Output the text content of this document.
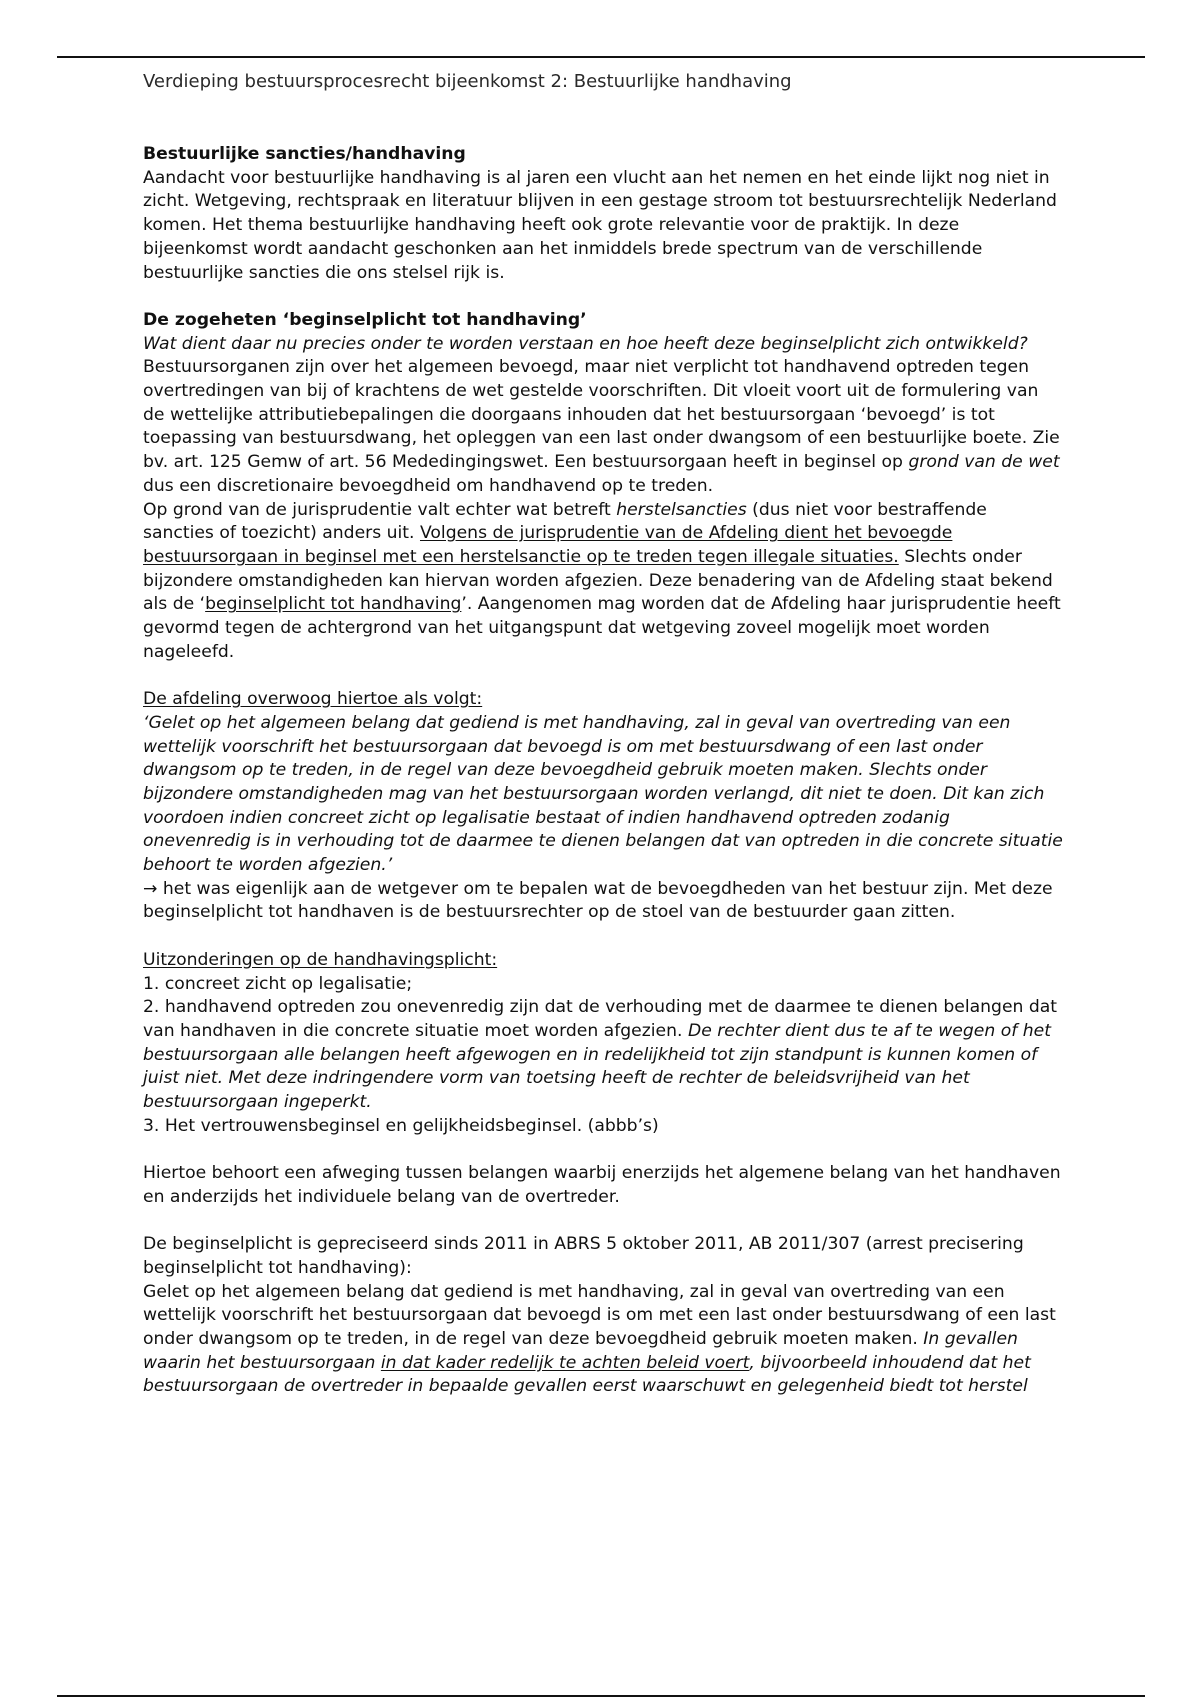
Verdieping bestuursprocesrecht bijeenkomst 2: Bestuurlijke handhaving

Bestuurlijke sancties/handhaving

Aandacht voor bestuurlijke handhaving is al jaren een vlucht aan het nemen en het einde lijkt nog niet in zicht. Wetgeving, rechtspraak en literatuur blijven in een gestage stroom tot bestuursrechtelijk Nederland komen. Het thema bestuurlijke handhaving heeft ook grote relevantie voor de praktijk. In deze bijeenkomst wordt aandacht geschonken aan het inmiddels brede spectrum van de verschillende bestuurlijke sancties die ons stelsel rijk is.

De zogeheten ‘beginselplicht tot handhaving’

Wat dient daar nu precies onder te worden verstaan en hoe heeft deze beginselplicht zich ontwikkeld?

Bestuursorganen zijn over het algemeen bevoegd, maar niet verplicht tot handhavend optreden tegen overtredingen van bij of krachtens de wet gestelde voorschriften. Dit vloeit voort uit de formulering van de wettelijke attributiebepalingen die doorgaans inhouden dat het bestuursorgaan ‘bevoegd’ is tot toepassing van bestuursdwang, het opleggen van een last onder dwangsom of een bestuurlijke boete. Zie bv. art. 125 Gemw of art. 56 Mededingingswet. Een bestuursorgaan heeft in beginsel op grond van de wet dus een discretionaire bevoegdheid om handhavend op te treden.

Op grond van de jurisprudentie valt echter wat betreft herstelsancties (dus niet voor bestraffende sancties of toezicht) anders uit. Volgens de jurisprudentie van de Afdeling dient het bevoegde bestuursorgaan in beginsel met een herstelsanctie op te treden tegen illegale situaties. Slechts onder bijzondere omstandigheden kan hiervan worden afgezien. Deze benadering van de Afdeling staat bekend als de ‘beginselplicht tot handhaving’. Aangenomen mag worden dat de Afdeling haar jurisprudentie heeft gevormd tegen de achtergrond van het uitgangspunt dat wetgeving zoveel mogelijk moet worden nageleefd.

De afdeling overwoog hiertoe als volgt:

‘Gelet op het algemeen belang dat gediend is met handhaving, zal in geval van overtreding van een wettelijk voorschrift het bestuursorgaan dat bevoegd is om met bestuursdwang of een last onder dwangsom op te treden, in de regel van deze bevoegdheid gebruik moeten maken. Slechts onder bijzondere omstandigheden mag van het bestuursorgaan worden verlangd, dit niet te doen. Dit kan zich voordoen indien concreet zicht op legalisatie bestaat of indien handhavend optreden zodanig onevenredig is in verhouding tot de daarmee te dienen belangen dat van optreden in die concrete situatie behoort te worden afgezien.’

→ het was eigenlijk aan de wetgever om te bepalen wat de bevoegdheden van het bestuur zijn. Met deze beginselplicht tot handhaven is de bestuursrechter op de stoel van de bestuurder gaan zitten.

Uitzonderingen op de handhavingsplicht:

1. concreet zicht op legalisatie;

2. handhavend optreden zou onevenredig zijn dat de verhouding met de daarmee te dienen belangen dat van handhaven in die concrete situatie moet worden afgezien. De rechter dient dus te af te wegen of het bestuursorgaan alle belangen heeft afgewogen en in redelijkheid tot zijn standpunt is kunnen komen of juist niet. Met deze indringendere vorm van toetsing heeft de rechter de beleidsvrijheid van het bestuursorgaan ingeperkt.

3. Het vertrouwensbeginsel en gelijkheidsbeginsel. (abbb’s)

Hiertoe behoort een afweging tussen belangen waarbij enerzijds het algemene belang van het handhaven en anderzijds het individuele belang van de overtreder.

De beginselplicht is gepreciseerd sinds 2011 in ABRS 5 oktober 2011, AB 2011/307 (arrest precisering beginselplicht tot handhaving):

Gelet op het algemeen belang dat gediend is met handhaving, zal in geval van overtreding van een wettelijk voorschrift het bestuursorgaan dat bevoegd is om met een last onder bestuursdwang of een last onder dwangsom op te treden, in de regel van deze bevoegdheid gebruik moeten maken. In gevallen waarin het bestuursorgaan in dat kader redelijk te achten beleid voert, bijvoorbeeld inhoudend dat het bestuursorgaan de overtreder in bepaalde gevallen eerst waarschuwt en gelegenheid biedt tot herstel
